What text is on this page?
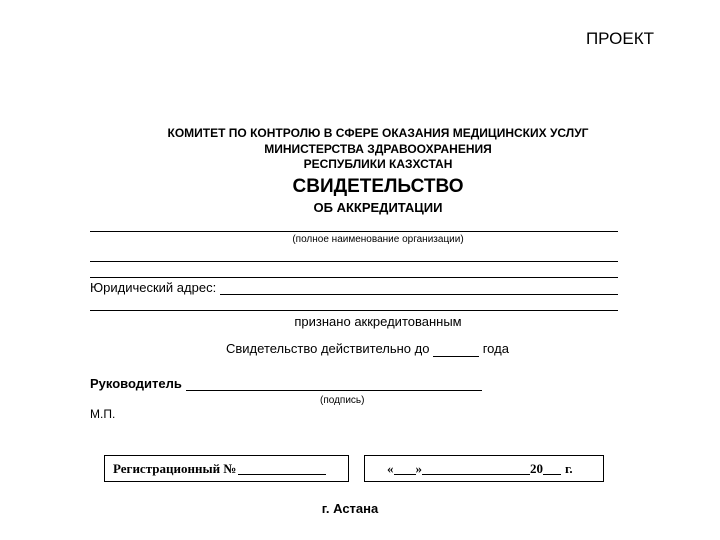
ПРОЕКТ
КОМИТЕТ ПО КОНТРОЛЮ В СФЕРЕ ОКАЗАНИЯ МЕДИЦИНСКИХ УСЛУГ
МИНИСТЕРСТВА ЗДРАВООХРАНЕНИЯ
РЕСПУБЛИКИ КАЗХСТАН
СВИДЕТЕЛЬСТВО
ОБ АККРЕДИТАЦИИ
(полное наименование организации)
Юридический адрес:
признано аккредитованным
Свидетельство действительно до	года
Руководитель
(подпись)
М.П.
Регистрационный №	« »	20 г.
г. Астана
